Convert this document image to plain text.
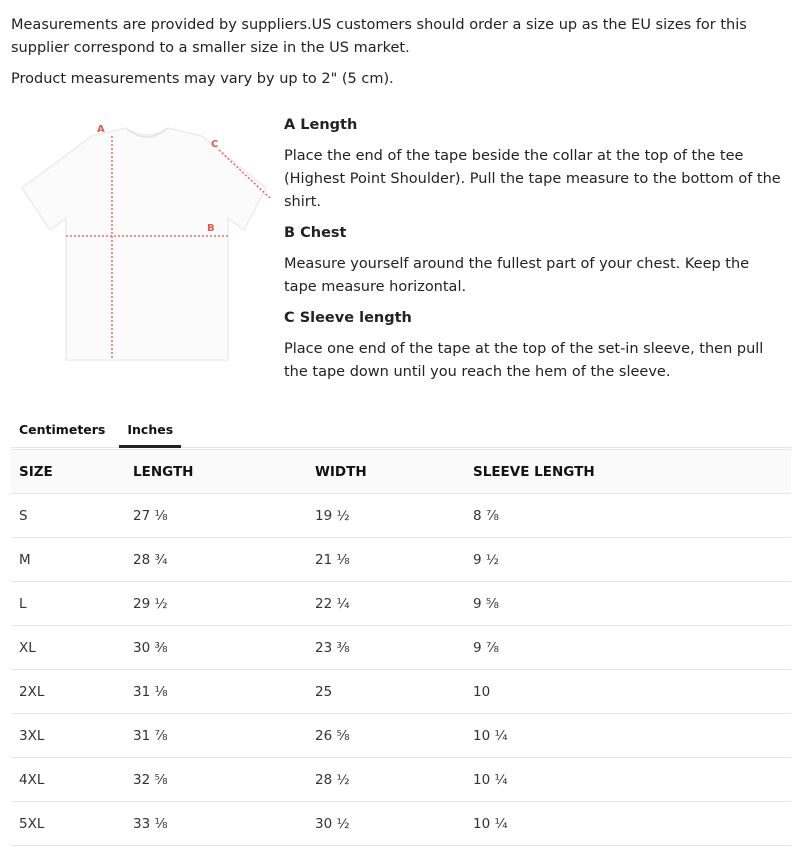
Measurements are provided by suppliers.US customers should order a size up as the EU sizes for this supplier correspond to a smaller size in the US market.

Product measurements may vary by up to 2" (5 cm).

A
B
C
A Length
Place the end of the tape beside the collar at the top of the tee (Highest Point Shoulder). Pull the tape measure to the bottom of the shirt.
B Chest
Measure yourself around the fullest part of your chest. Keep the tape measure horizontal.
C Sleeve length
Place one end of the tape at the top of the set-in sleeve, then pull the tape down until you reach the hem of the sleeve.
Centimeters	Inches
SIZE	LENGTH	WIDTH	SLEEVE LENGTH
S	27 ⅛	19 ½	8 ⅞
M	28 ¾	21 ⅛	9 ½
L	29 ½	22 ¼	9 ⅝
XL	30 ⅜	23 ⅜	9 ⅞
2XL	31 ⅛	25	10
3XL	31 ⅞	26 ⅝	10 ¼
4XL	32 ⅝	28 ½	10 ¼
5XL	33 ⅛	30 ½	10 ¼
